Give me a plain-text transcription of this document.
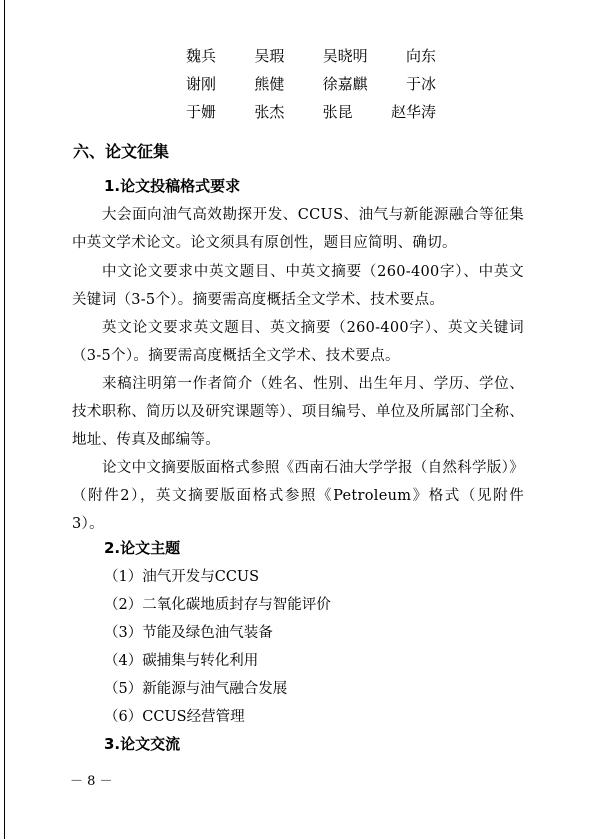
魏兵	吴瑕	吴晓明	向东
谢刚	熊健	徐嘉麒	于冰
于姗	张杰	张昆	赵华涛
六、论文征集
1.论文投稿格式要求
大会面向油气高效勘探开发、CCUS、油气与新能源融合等征集中英文学术论文。论文须具有原创性，题目应简明、确切。
中文论文要求中英文题目、中英文摘要（260-400字）、中英文关键词（3-5个）。摘要需高度概括全文学术、技术要点。
英文论文要求英文题目、英文摘要（260-400字）、英文关键词（3-5个）。摘要需高度概括全文学术、技术要点。
来稿注明第一作者简介（姓名、性别、出生年月、学历、学位、技术职称、简历以及研究课题等）、项目编号、单位及所属部门全称、地址、传真及邮编等。
论文中文摘要版面格式参照《西南石油大学学报（自然科学版）》（附件2），英文摘要版面格式参照《Petroleum》格式（见附件3）。
2.论文主题
（1）油气开发与CCUS
（2）二氧化碳地质封存与智能评价
（3）节能及绿色油气装备
（4）碳捕集与转化利用
（5）新能源与油气融合发展
（6）CCUS经营管理
3.论文交流
－ 8 －
